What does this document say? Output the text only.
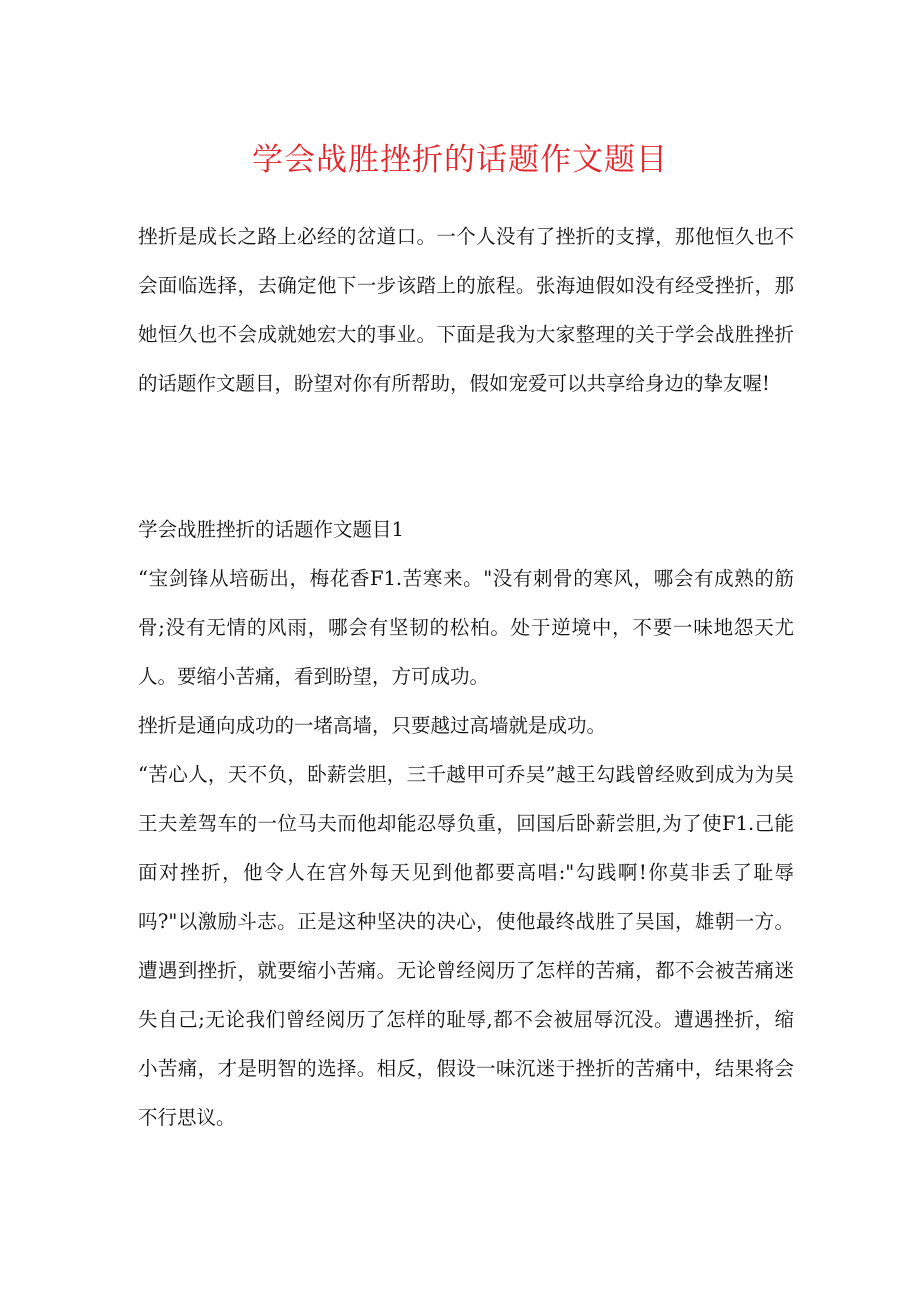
学会战胜挫折的话题作文题目

挫折是成长之路上必经的岔道口。一个人没有了挫折的支撑，那他恒久也不会面临选择，去确定他下一步该踏上的旅程。张海迪假如没有经受挫折，那她恒久也不会成就她宏大的事业。下面是我为大家整理的关于学会战胜挫折的话题作文题目，盼望对你有所帮助，假如宠爱可以共享给身边的挚友喔!

学会战胜挫折的话题作文题目1

“宝剑锋从培砺出，梅花香F1.苦寒来。"没有刺骨的寒风，哪会有成熟的筋骨;没有无情的风雨，哪会有坚韧的松柏。处于逆境中，不要一味地怨天尤人。要缩小苦痛，看到盼望，方可成功。

挫折是通向成功的一堵高墙，只要越过高墙就是成功。

“苦心人，天不负，卧薪尝胆，三千越甲可乔吴”越王勾践曾经败到成为为吴王夫差驾车的一位马夫而他却能忍辱负重，回国后卧薪尝胆,为了使F1.己能面对挫折，他令人在宫外每天见到他都要高唱:"勾践啊!你莫非丢了耻辱吗?"以激励斗志。正是这种坚决的决心，使他最终战胜了吴国，雄朝一方。遭遇到挫折，就要缩小苦痛。无论曾经阅历了怎样的苦痛，都不会被苦痛迷失自己;无论我们曾经阅历了怎样的耻辱,都不会被屈辱沉没。遭遇挫折，缩小苦痛，才是明智的选择。相反，假设一味沉迷于挫折的苦痛中，结果将会不行思议。
